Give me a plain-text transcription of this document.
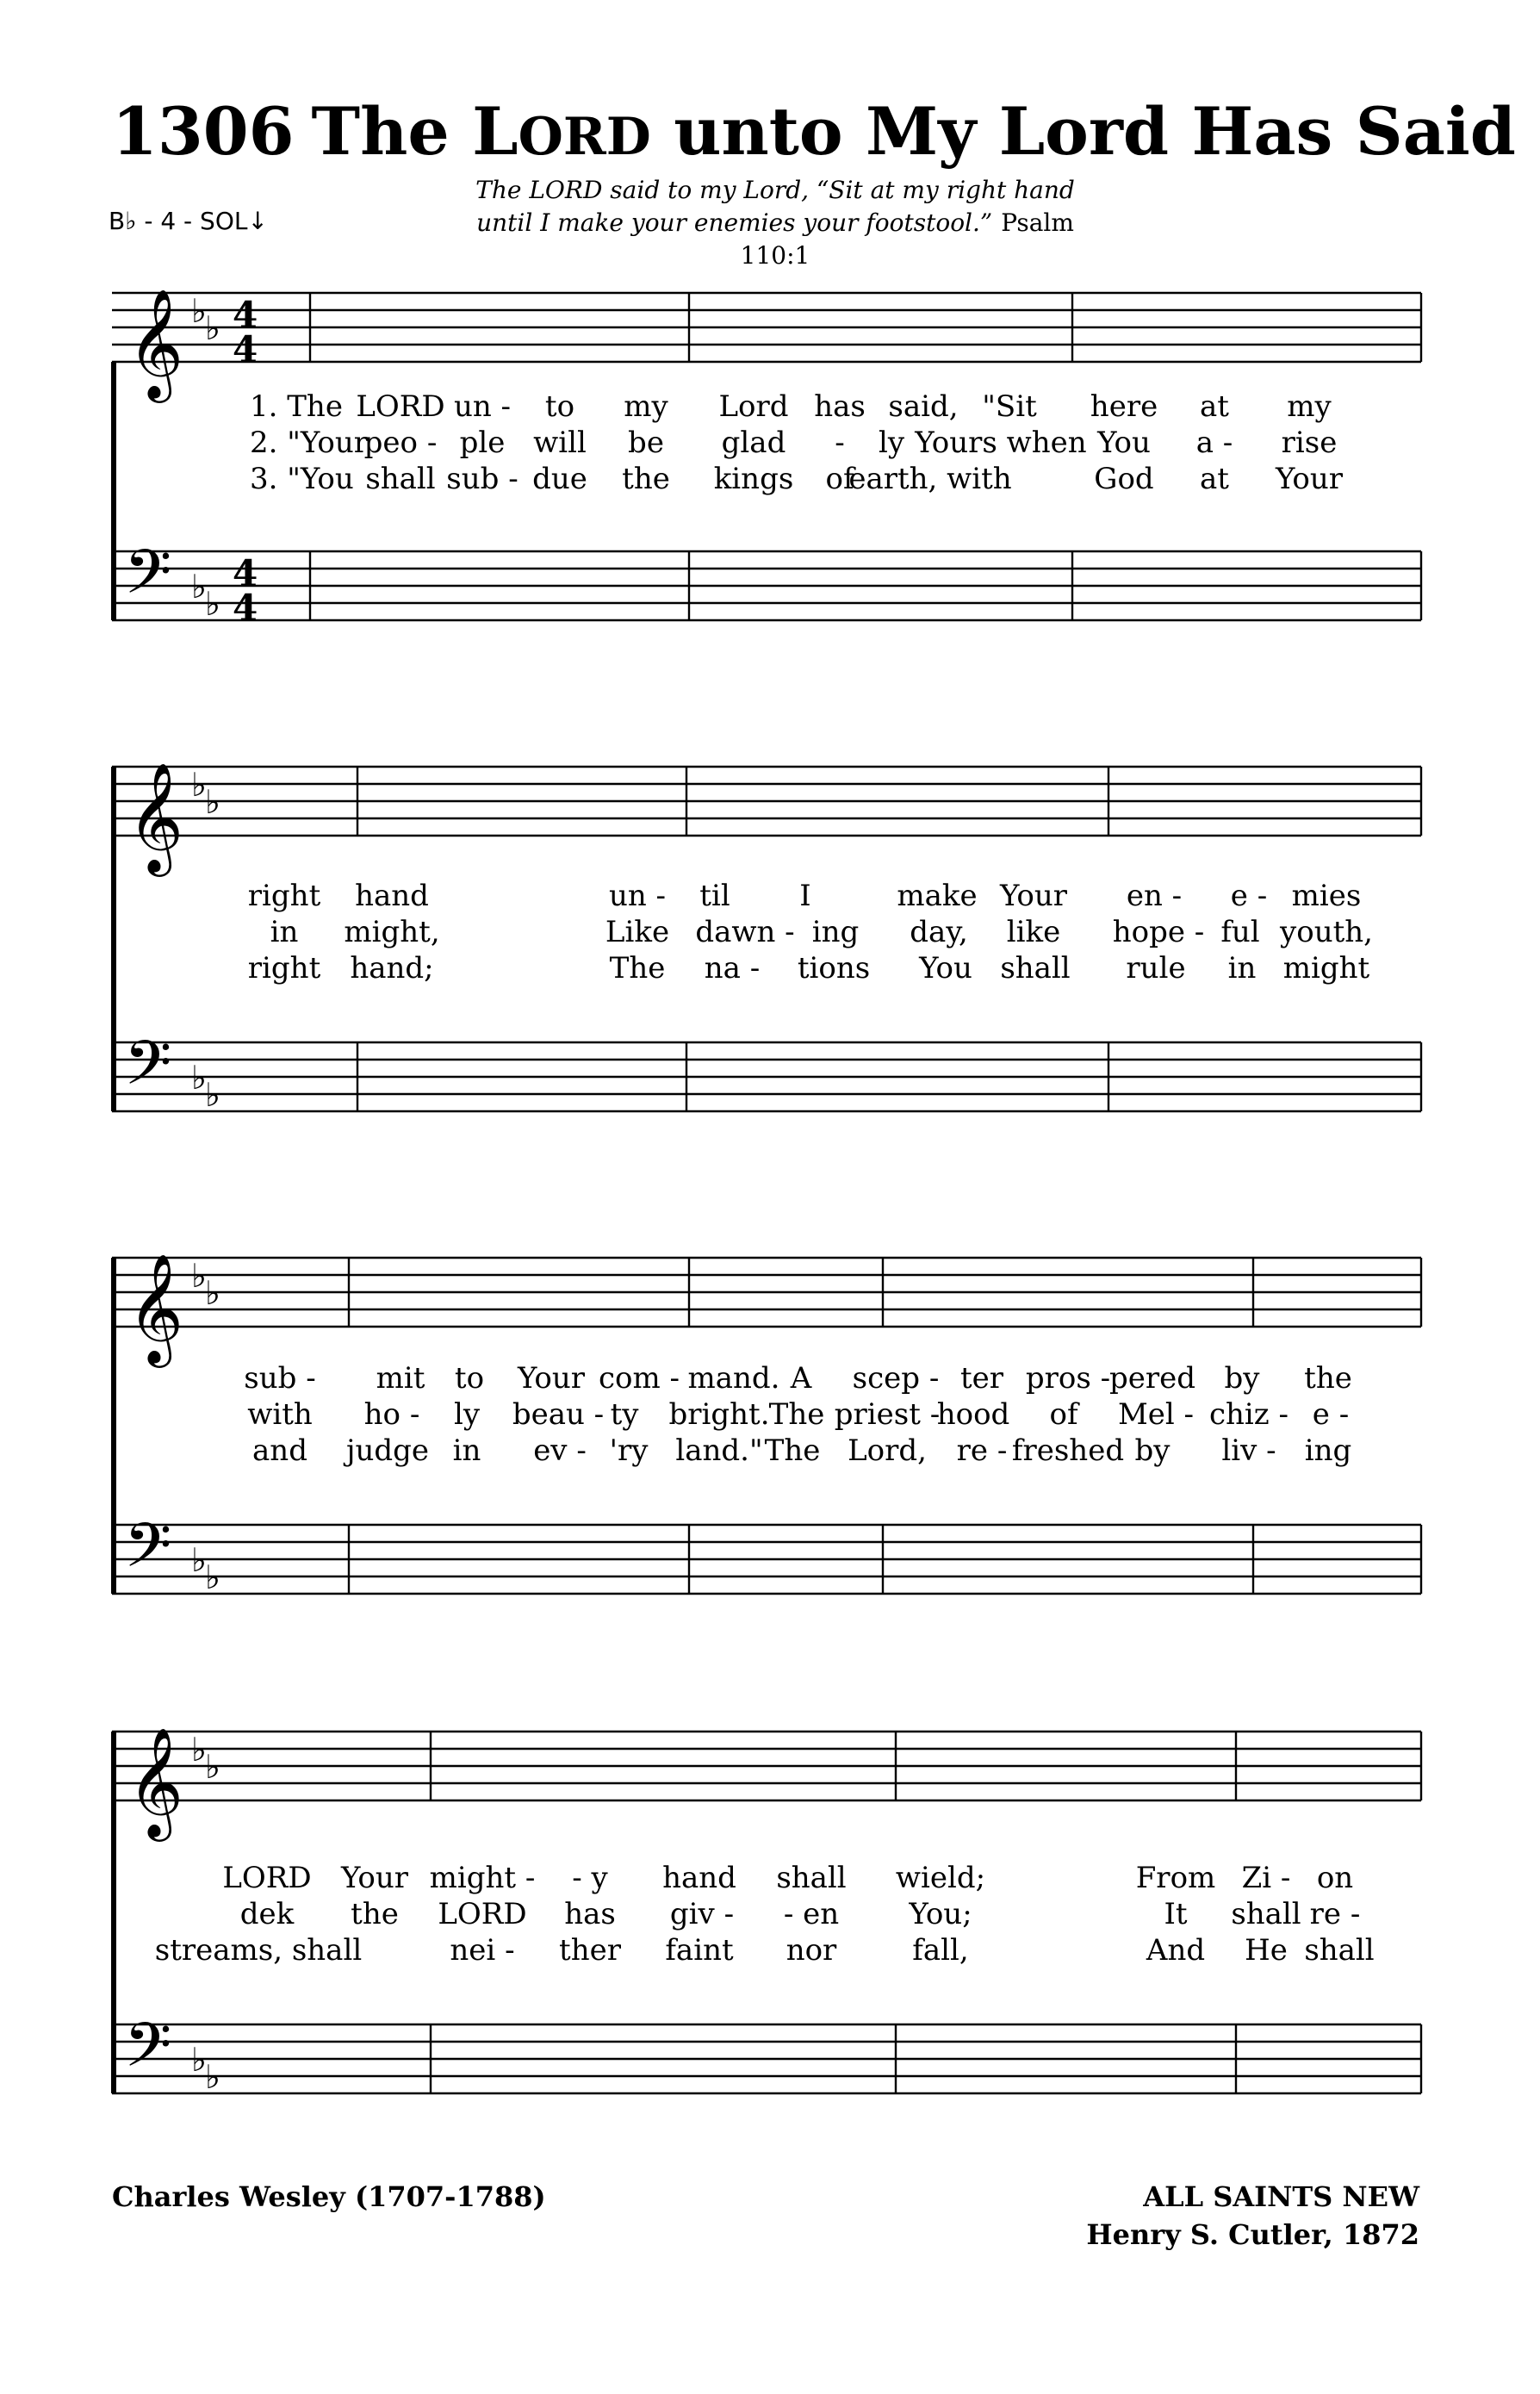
1306 The LORD unto My Lord Has Said
B♭ - 4 - SOL↓
The LORD said to my Lord, “Sit at my right hand
until I make your enemies your footstool.” Psalm 110:1
𝄞 ♭
♭ 4
4
1. The LORD un - to my Lord has said, "Sit here at my
2. "Your
peo - ple will be glad - ly Yours when You a - rise
3. "You shall sub - due the kings of
earth, with	God at Your
𝄢 ♭
♭
4
4
𝄞 ♭
♭
right hand	un - til I	make Your en - e - mies
in might,	Like dawn - ing day, like hope - ful youth,
right hand;	The na - tions You shall rule in might
𝄢 ♭
♭
𝄞 ♭
♭
sub - mit to Your com - mand. A scep - ter pros -
pered by the
with ho - ly beau - ty bright. The priest -
hood of Mel - chiz - e -
and judge in ev - 'ry land." The Lord, re - freshed by liv - ing
𝄢 ♭
♭
𝄞 ♭
♭
LORD Your might - - y hand shall wield;	From Zi - on
dek the LORD has giv - - en You;	It shall re -
streams, shall	nei - ther faint nor	fall,	And He shall
𝄢 ♭
♭
Charles Wesley (1707-1788)	ALL SAINTS NEW
Henry S. Cutler, 1872
